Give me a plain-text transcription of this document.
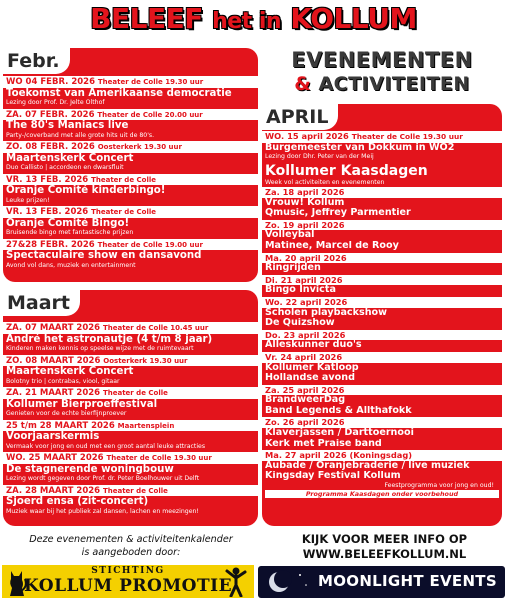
BELEEF het in KOLLUM
EVENEMENTEN
& ACTIVITEITEN
Febr.
WO 04 FEBR. 2026 Theater de Colle 19.30 uur
Toekomst van Amerikaanse democratie
Lezing door Prof. Dr. Jelte Olthof
ZA. 07 FEBR. 2026 Theater de Colle 20.00 uur
The 80's Maniacs live
Party-/coverband met alle grote hits uit de 80's.
ZO. 08 FEBR. 2026 Oosterkerk 19.30 uur
Maartenskerk Concert
Duo Callisto | accordeon en dwarsfluit
VR. 13 FEB. 2026 Theater de Colle
Oranje Comité kinderbingo!
Leuke prijzen!
VR. 13 FEB. 2026 Theater de Colle
Oranje Comité Bingo!
Bruisende bingo met fantastische prijzen
27&28 FEBR. 2026 Theater de Colle 19.00 uur
Spectaculaire show en dansavond
Avond vol dans, muziek en entertainment
Maart
ZA. 07 MAART 2026 Theater de Colle 10.45 uur
André het astronautje (4 t/m 8 jaar)
Kinderen maken kennis op speelse wijze met de ruimtevaart
ZO. 08 MAART 2026 Oosterkerk 19.30 uur
Maartenskerk Concert
Bolotny trio | contrabas, viool, gitaar
ZA. 21 MAART 2026 Theater de Colle
Kollumer Bierproeffestival
Genieten voor de echte bierfijnproever
25 t/m 28 MAART 2026 Maartensplein
Voorjaarskermis
Vermaak voor jong en oud met een groot aantal leuke attracties
WO. 25 MAART 2026 Theater de Colle 19.30 uur
De stagnerende woningbouw
Lezing wordt gegeven door Prof. dr. Peter Boelhouwer uit Delft
ZA. 28 MAART 2026 Theater de Colle
Sjoerd ensa (zit-concert)
Muziek waar bij het publiek zal dansen, lachen en meezingen!
APRIL
WO. 15 april 2026 Theater de Colle 19.30 uur
Burgemeester van Dokkum in WO2
Lezing door Dhr. Peter van der Meij
Kollumer Kaasdagen
Week vol activiteiten en evenementen
Za. 18 april 2026
Vrouw! Kollum
Qmusic, Jeffrey Parmentier
Zo. 19 april 2026
Volleybal
Matinee, Marcel de Rooy
Ma. 20 april 2026
Ringrijden
Di. 21 april 2026
Bingo Invicta
Wo. 22 april 2026
Scholen playbackshow
De Quizshow
Do. 23 april 2026
Alleskunner duo's
Vr. 24 april 2026
Kollumer Katloop
Hollandse avond
Za. 25 april 2026
BrandweerDag
Band Legends & Allthafokk
Zo. 26 april 2026
Klaverjassen / Darttoernooi
Kerk met Praise band
Ma. 27 april 2026 (Koningsdag)
Aubade / Oranjebraderie / live muziek
Kingsday Festival Kollum
Feestprogramma voor jong en oud!
Programma Kaasdagen onder voorbehoud
Deze evenementen & activiteitenkalender
is aangeboden door:
KIJK VOOR MEER INFO OP
WWW.BELEEFKOLLUM.NL
STICHTING
KOLLUM PROMOTIE	MOONLIGHT EVENTS
